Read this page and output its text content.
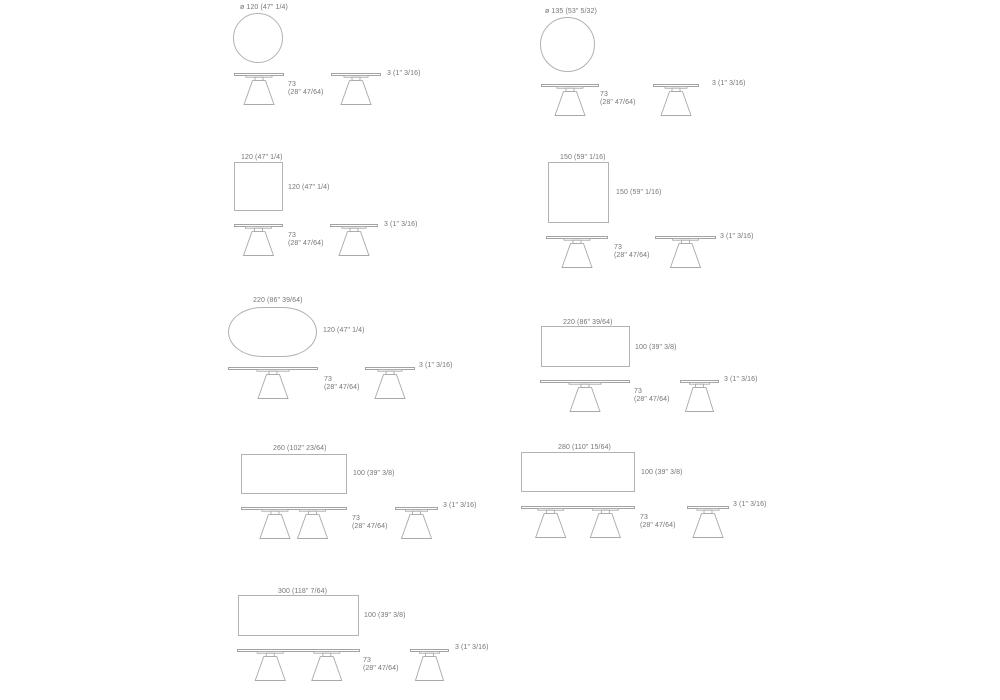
ø 120 (47" 1/4)
73
(28" 47/64)
3 (1" 3/16)
ø 135 (53" 5/32)
73
(28" 47/64)
3 (1" 3/16)
120 (47" 1/4)
120 (47" 1/4)
73
(28" 47/64)
3 (1" 3/16)
150 (59" 1/16)
150 (59" 1/16)
73
(28" 47/64)
3 (1" 3/16)
220 (86" 39/64)
120 (47" 1/4)
73
(28" 47/64)
3 (1" 3/16)
220 (86" 39/64)
100 (39" 3/8)
73
(28" 47/64)
3 (1" 3/16)
260 (102" 23/64)
100 (39" 3/8)
73
(28" 47/64)
3 (1" 3/16)
280 (110" 15/64)
100 (39" 3/8)
73
(28" 47/64)
3 (1" 3/16)
300 (118" 7/64)
100 (39" 3/8)
73
(28" 47/64)
3 (1" 3/16)
